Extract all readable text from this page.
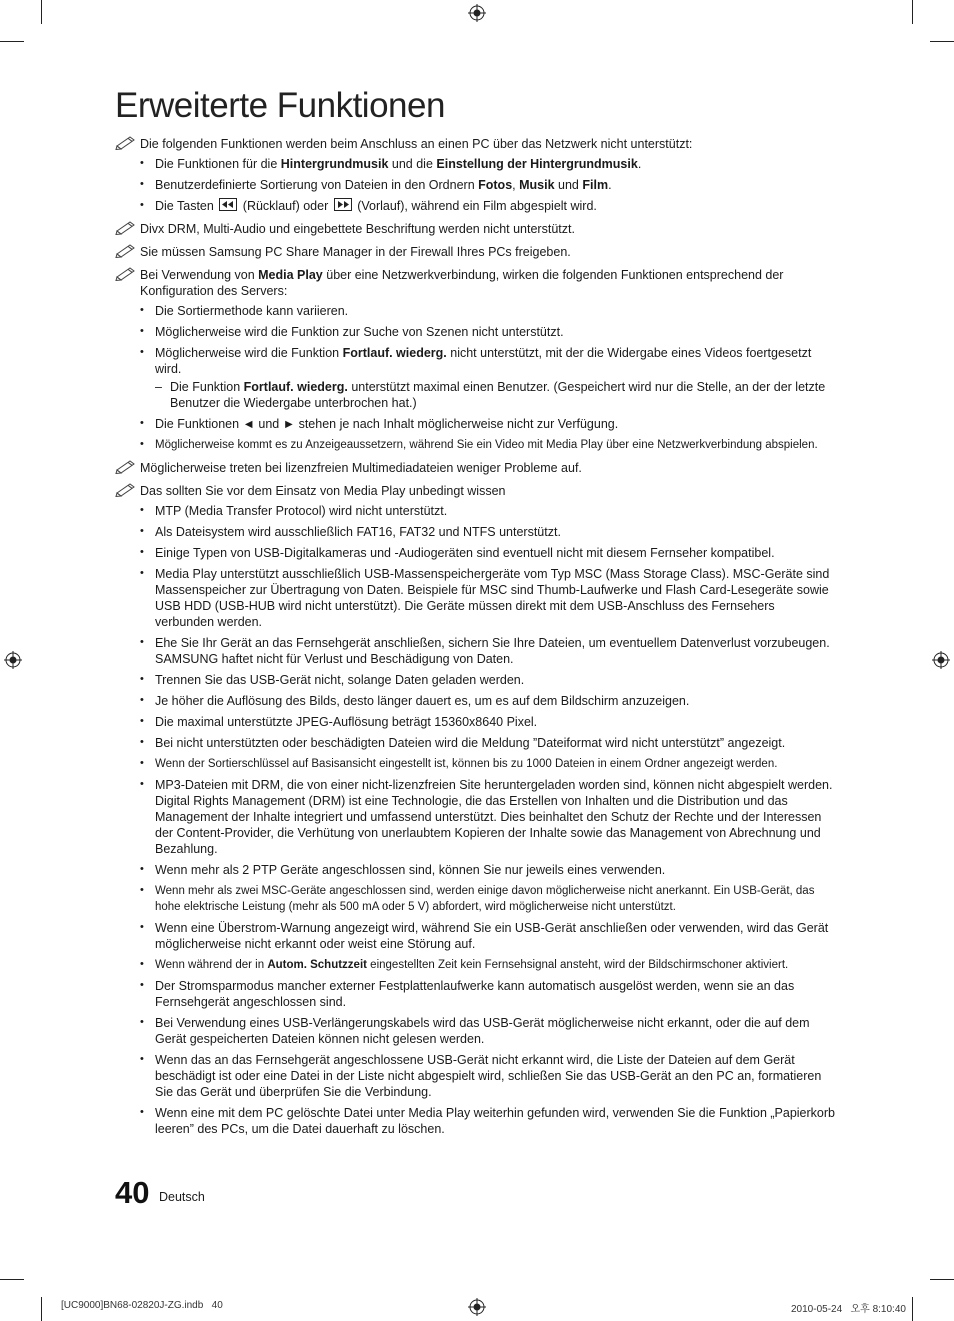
Erweiterte Funktionen
Die folgenden Funktionen werden beim Anschluss an einen PC über das Netzwerk nicht unterstützt:
• Die Funktionen für die Hintergrundmusik und die Einstellung der Hintergrundmusik.
• Benutzerdefinierte Sortierung von Dateien in den Ordnern Fotos, Musik und Film.
• Die Tasten
(Rücklauf) oder
(Vorlauf), während ein Film abgespielt wird.
Divx DRM, Multi-Audio und eingebettete Beschriftung werden nicht unterstützt.
Sie müssen Samsung PC Share Manager in der Firewall Ihres PCs freigeben.
Bei Verwendung von Media Play über eine Netzwerkverbindung, wirken die folgenden Funktionen entsprechend der Konfiguration des Servers:
• Die Sortiermethode kann variieren.
• Möglicherweise wird die Funktion zur Suche von Szenen nicht unterstützt.
• Möglicherweise wird die Funktion Fortlauf. wiederg. nicht unterstützt, mit der die Widergabe eines Videos foertgesetzt wird.
– Die Funktion Fortlauf. wiederg. unterstützt maximal einen Benutzer. (Gespeichert wird nur die Stelle, an der der letzte Benutzer die Wiedergabe unterbrochen hat.)
• Die Funktionen ◄ und ► stehen je nach Inhalt möglicherweise nicht zur Verfügung.
• Möglicherweise kommt es zu Anzeigeaussetzern, während Sie ein Video mit Media Play über eine Netzwerkverbindung abspielen.
Möglicherweise treten bei lizenzfreien Multimediadateien weniger Probleme auf.
Das sollten Sie vor dem Einsatz von Media Play unbedingt wissen
• MTP (Media Transfer Protocol) wird nicht unterstützt.
• Als Dateisystem wird ausschließlich FAT16, FAT32 und NTFS unterstützt.
• Einige Typen von USB-Digitalkameras und -Audiogeräten sind eventuell nicht mit diesem Fernseher kompatibel.
• Media Play unterstützt ausschließlich USB-Massenspeichergeräte vom Typ MSC (Mass Storage Class). MSC-Geräte sind Massenspeicher zur Übertragung von Daten. Beispiele für MSC sind Thumb-Laufwerke und Flash Card-Lesegeräte sowie USB HDD (USB-HUB wird nicht unterstützt). Die Geräte müssen direkt mit dem USB-Anschluss des Fernsehers verbunden werden.
• Ehe Sie Ihr Gerät an das Fernsehgerät anschließen, sichern Sie Ihre Dateien, um eventuellem Datenverlust vorzubeugen. SAMSUNG haftet nicht für Verlust und Beschädigung von Daten.
• Trennen Sie das USB-Gerät nicht, solange Daten geladen werden.
• Je höher die Auflösung des Bilds, desto länger dauert es, um es auf dem Bildschirm anzuzeigen.
• Die maximal unterstützte JPEG-Auflösung beträgt 15360x8640 Pixel.
• Bei nicht unterstützten oder beschädigten Dateien wird die Meldung ”Dateiformat wird nicht unterstützt” angezeigt.
• Wenn der Sortierschlüssel auf Basisansicht eingestellt ist, können bis zu 1000 Dateien in einem Ordner angezeigt werden.
• MP3-Dateien mit DRM, die von einer nicht-lizenzfreien Site heruntergeladen worden sind, können nicht abgespielt werden. Digital Rights Management (DRM) ist eine Technologie, die das Erstellen von Inhalten und die Distribution und das Management der Inhalte integriert und umfassend unterstützt. Dies beinhaltet den Schutz der Rechte und der Interessen der Content-Provider, die Verhütung von unerlaubtem Kopieren der Inhalte sowie das Management von Abrechnung und Bezahlung.
• Wenn mehr als 2 PTP Geräte angeschlossen sind, können Sie nur jeweils eines verwenden.
• Wenn mehr als zwei MSC-Geräte angeschlossen sind, werden einige davon möglicherweise nicht anerkannt. Ein USB-Gerät, das hohe elektrische Leistung (mehr als 500 mA oder 5 V) abfordert, wird möglicherweise nicht unterstützt.
• Wenn eine Überstrom-Warnung angezeigt wird, während Sie ein USB-Gerät anschließen oder verwenden, wird das Gerät möglicherweise nicht erkannt oder weist eine Störung auf.
• Wenn während der in Autom. Schutzzeit eingestellten Zeit kein Fernsehsignal ansteht, wird der Bildschirmschoner aktiviert.
• Der Stromsparmodus mancher externer Festplattenlaufwerke kann automatisch ausgelöst werden, wenn sie an das Fernsehgerät angeschlossen sind.
• Bei Verwendung eines USB-Verlängerungskabels wird das USB-Gerät möglicherweise nicht erkannt, oder die auf dem Gerät gespeicherten Dateien können nicht gelesen werden.
• Wenn das an das Fernsehgerät angeschlossene USB-Gerät nicht erkannt wird, die Liste der Dateien auf dem Gerät beschädigt ist oder eine Datei in der Liste nicht abgespielt wird, schließen Sie das USB-Gerät an den PC an, formatieren Sie das Gerät und überprüfen Sie die Verbindung.
• Wenn eine mit dem PC gelöschte Datei unter Media Play weiterhin gefunden wird, verwenden Sie die Funktion „Papierkorb leeren” des PCs, um die Datei dauerhaft zu löschen.
40 Deutsch
[UC9000]BN68-02820J-ZG.indb   40	2010-05-24   오후 8:10:40
